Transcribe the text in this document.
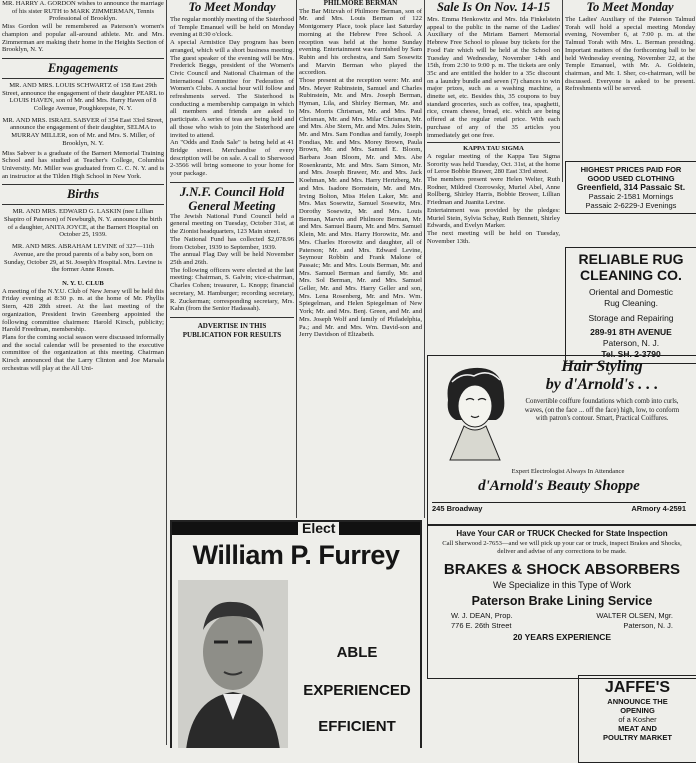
MR. HARRY A. GORDON wishes to announce the marriage of his sister RUTH to MARK ZIMMERMAN, Tennis Professional of Brooklyn.

Miss Gordon will be remembered as Paterson's women's champion and popular all-around athlete. Mr. and Mrs. Zimmerman are making their home in the Heights Section of Brooklyn, N. Y.

Engagements

MR. AND MRS. LOUIS SCHWARTZ of 158 East 29th Street, announce the engagement of their daughter PEARL to LOUIS HAVEN, son of Mr. and Mrs. Harry Haven of 8 College Avenue, Poughkeepsie, N. Y.

MR. AND MRS. ISRAEL SABVER of 354 East 33rd Street, announce the engagement of their daughter, SELMA to MURRAY MILLER, son of Mr. and Mrs. S. Miller, of Brooklyn, N. Y.

Miss Sabver is a graduate of the Barnert Memorial Training School and has studied at Teacher's College, Columbia University. Mr. Miller was graduated from C. C. N. Y. and is an instructor at the Tilden High School in New York.

Births

MR. AND MRS. EDWARD G. LASKIN (nee Lillian Shapiro of Paterson) of Newburgh, N. Y. announce the birth of a daughter, ANITA JOYCE, at the Barnert Hospital on October 25, 1939.

MR. AND MRS. ABRAHAM LEVINE of 327—11th Avenue, are the proud parents of a baby son, born on Sunday, October 29, at St. Joseph's Hospital. Mrs. Levine is the former Anne Rosen.

N. Y. U. CLUB

A meeting of the N.Y.U. Club of New Jersey will be held this Friday evening at 8:30 p. m. at the home of Mr. Phyllis Stern, 428 28th street. At the last meeting of the organization, President Irwin Greenberg appointed the following committee chairmen: Harold Kirsch, publicity; Harold Freedman, membership.

Plans for the coming social season were discussed informally and the social calendar will be presented to the executive committee of the organization at this meeting. Chairman Kirsch announced that the Larry Clinton and Joe Marsala orchestras will play at the All Uni-

To Meet Monday

The regular monthly meeting of the Sisterhood of Temple Emanuel will be held on Monday evening at 8:30 o'clock.

A special Armistice Day program has been arranged, which will a short business meeting. The guest speaker of the evening will be Mrs. Frederick Beggs, president of the Women's Civic Council and National Chairman of the International Committee for Federation of Women's Clubs. A social hour will follow and refreshments served. The Sisterhood is conducting a membership campaign in which all members and friends are asked to participate. A series of teas are being held and all those who wish to join the Sisterhood are invited to attend.

An "Odds and Ends Sale" is being held at 41 Bridge street. Merchandise of every description will be on sale. A call to Sherwood 2-3566 will bring someone to your home for your package.

J.N.F. Council Hold
General Meeting

The Jewish National Fund Council held a general meeting on Tuesday, October 31st, at the Zionist headquarters, 123 Main street.

The National Fund has collected $2,078.96 from October, 1939 to September, 1939.

The annual Flag Day will be held November 25th and 26th.

The following officers were elected at the last meeting: Chairman, S. Galvin; vice-chairman, Charles Cohen; treasurer, L. Knopp; financial secretary, M. Hamburger; recording secretary, R. Zuckerman; corresponding secretary, Mrs. Kahn (from the Senior Hadassah).

ADVERTISE IN THIS PUBLICATION FOR RESULTS
PHILMORE BERMAN

The Bar Mitzvah of Philmore Berman, son of Mr. and Mrs. Louis Berman of 122 Montgomery Place, took place last Saturday morning at the Hebrew Free School. A reception was held at the home Sunday evening. Entertainment was furnished by Sam Rubin and his orchestra, and Sam Sosewitz and Marvin Berman who played the accordion.

Those present at the reception were: Mr. and Mrs. Meyer Rubinstein, Samuel and Charles Rubinstein, Mr. and Mrs. Joseph Berman, Hyman, Lila, and Shirley Berman, Mr. and Mrs. Morris Chrisman, Mr. and Mrs. Paul Chrisman, Mr. and Mrs. Milar Chrisman, Mr. and Mrs. Abe Stern, Mr. and Mrs. Jules Stein, Mr. and Mrs. Sam Fondias and family, Joseph Fondias, Mr. and Mrs. Morey Brown, Paula Brown, Mr. and Mrs. Samuel E. Bloom, Barbara Joan Bloom, Mr. and Mrs. Abe Rosenkrantz, Mr. and Mrs. Sam Simon, Mr. and Mrs. Joseph Brawer, Mr. and Mrs. Jack Koehman, Mr. and Mrs. Harry Hertzberg, Mr. and Mrs. Isadore Bornstein, Mr. and Mrs. Irving Bolton, Miss Helen Laker, Mr. and Mrs. Max Sosewitz, Samuel Sosewitz, Mrs. Dorothy Sosewitz, Mr. and Mrs. Louis Berman, Marvin and Philmore Berman, Mr. and Mrs. Samuel Baum, Mr. and Mrs. Samuel Klein, Mr. and Mrs. Harry Horowitz, Mr. and Mrs. Charles Horowitz and daughter, all of Paterson; Mr. and Mrs. Edward Levine, Seymour Robbin and Frank Malone of Passaic; Mr. and Mrs. Louis Berman, Mr. and Mrs. Samuel Berman and family, Mr. and Mrs. Sol Berman, Mr. and Mrs. Samuel Geller, Mr. and Mrs. Harry Geller and son, Mrs. Lena Rosenberg, Mr. and Mrs. Wm. Spiegelman, and Helen Spiegelman of New York; Mr. and Mrs. Benj. Green, and Mr. and Mrs. Joseph Wolf and family of Philadelphia, Pa.; and Mr. and Mrs. Wm. David-son and Jerry Davidson of Elizabeth.

Sale Is On Nov. 14-15

Mrs. Emma Henkowitz and Mrs. Ida Finkelstein appeal to the public in the name of the Ladies' Auxiliary of the Miriam Barnert Memorial Hebrew Free School to please buy tickets for the Food Fair which will be held at the School on Tuesday and Wednesday, November 14th and 15th, from 2:30 to 9:00 p. m. The tickets are only 35c and are entitled the holder to a 35c discount on a laundry bundle and seven (7) chances to win major prizes, such as a washing machine, a dinette set, etc. Besides this, 35 coupons to buy standard groceries, such as coffee, tea, spaghetti, rice, cream cheese, bread, etc. which are being offered at the regular retail price. With each purchase of any of the 35 articles you immediately get one free.

KAPPA TAU SIGMA

A regular meeting of the Kappa Tau Sigma Sorority was held Tuesday, Oct. 31st, at the home of Leroe Bobbie Brawer, 280 East 33rd street.

The members present were Helen Welter, Ruth Rodner, Mildred Ozerowsky, Muriel Abel, Anne Rollberg, Shirley Harris, Bobbie Brower, Lillian Friedman and Juanita Levine.

Entertainment was provided by the pledges: Muriel Stein, Sylvia Schay, Ruth Bennett, Shirley Edwards, and Evelyn Marker.

The next meeting will be held on Tuesday, November 13th.

To Meet Monday

The Ladies' Auxiliary of the Paterson Talmud Torah will hold a special meeting Monday evening, November 6, at 7:00 p. m. at the Talmud Torah with Mrs. L. Berman presiding. Important matters of the forthcoming ball to be held Wednesday evening, November 22, at the Temple Emanuel, with Mr. A. Goldstein, chairman, and Mr. I. Sher, co-chairman, will be discussed. Everyone is asked to be present. Refreshments will be served.

HIGHEST PRICES PAID FOR
GOOD USED CLOTHING
Greenfield, 314 Passaic St.
Passaic 2-1581 Mornings
Passaic 2-6229-J Evenings
RELIABLE RUG
CLEANING CO.
Oriental and Domestic
Rug Cleaning.
Storage and Repairing
289-91 8TH AVENUE
Paterson, N. J.
Tel. SH. 2-3790
Hair Styling
by d'Arnold's . . .
Convertible coiffure foundations which comb into curls, waves, (on the face ... off the face) high, low, to conform with patron's contour. Smart, Practical Coiffures.
Expert Electrologist Always In Attendance
d'Arnold's Beauty Shoppe
245 Broadway	ARmory 4-2591
Elect
William P. Furrey
ABLE
EXPERIENCED
EFFICIENT
Have Your CAR or TRUCK Checked for State Inspection
Call Sherwood 2-7653—and we will pick up your car or truck, inspect Brakes and Shocks, deliver and advise of any corrections to be made.
BRAKES & SHOCK ABSORBERS
We Specialize in this Type of Work
Paterson Brake Lining Service
W. J. DEAN, Prop.	WALTER OLSEN, Mgr.
776 E. 26th Street	Paterson, N. J.
20 YEARS EXPERIENCE
JAFFE'S
ANNOUNCE THE
OPENING
of a Kosher
MEAT AND
POULTRY MARKET
